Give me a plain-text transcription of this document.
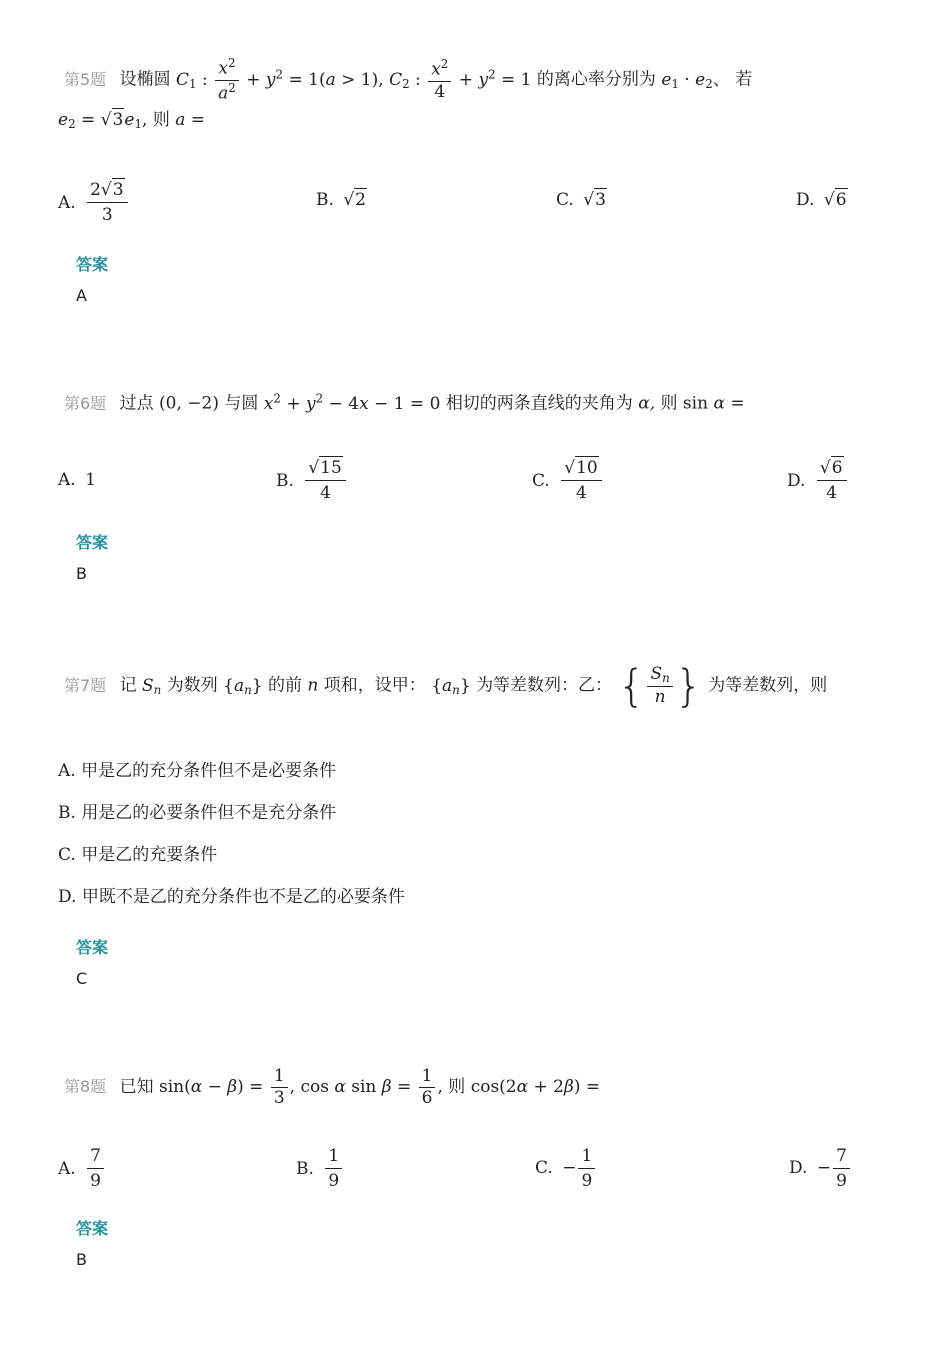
第5题 设椭圆 $C_1$ : $\frac{x^2}{a^2} + y^2 = 1(a > 1)$, $C_2$ : $\frac{x^2}{4} + y^2 = 1$ 的离心率分别为 $e_1 \cdot e_2$、 若
$e_2 = √3e_1$, 则 a =
A. $\frac{2√3}{3}$	B. √2	C. √3	D. √6
答案
A
第6题 过点 (0, −2) 与圆 $x^2 + y^2 - 4x - 1 = 0$ 相切的两条直线的夹角为 α, 则 sin α =
A. 1	B. $\frac{√15}{4}$	C. $\frac{√10}{4}$	D. $\frac{√6}{4}$
答案
B
第7题 记 $S_n$ 为数列 $\{a_n\}$ 的前 n 项和，设甲： $\{a_n\}$ 为等差数列：乙： { $\frac{S_n}{n}$ } 为等差数列，则
A. 甲是乙的充分条件但不是必要条件
B. 用是乙的必要条件但不是充分条件
C. 甲是乙的充要条件
D. 甲既不是乙的充分条件也不是乙的必要条件
答案
C
第8题 已知 $\sin(\alpha - \beta) = \frac{1}{3}$ , cos α $\sin \beta = \frac{1}{6}$ , 则 cos(2α + 2β) =
A. $\frac{7}{9}$	B. $\frac{1}{9}$	C. − $\frac{1}{9}$	D. − $\frac{7}{9}$
答案
B
